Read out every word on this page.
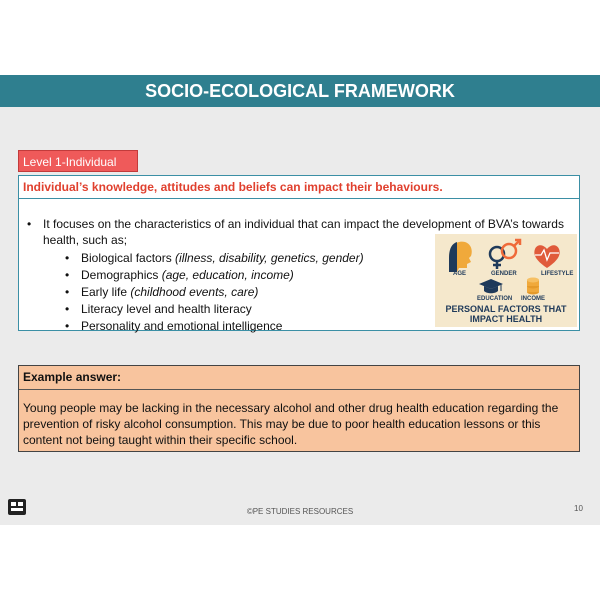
SOCIO-ECOLOGICAL FRAMEWORK
Level 1-Individual
Individual’s knowledge, attitudes and beliefs can impact their behaviours.
• It focuses on the characteristics of an individual that can impact the development of BVA’s towards health, such as;
• Biological factors (illness, disability, genetics, gender)
• Demographics (age, education, income)
• Early life (childhood events, care)
• Literacy level and health literacy
• Personality and emotional intelligence
AGE	GENDER	LIFESTYLE
EDUCATION INCOME
PERSONAL FACTORS THAT
IMPACT HEALTH
Example answer:
Young people may be lacking in the necessary alcohol and other drug health education regarding the prevention of risky alcohol consumption. This may be due to poor health education lessons or this content not being taught within their specific school.
©PE STUDIES RESOURCES	10
